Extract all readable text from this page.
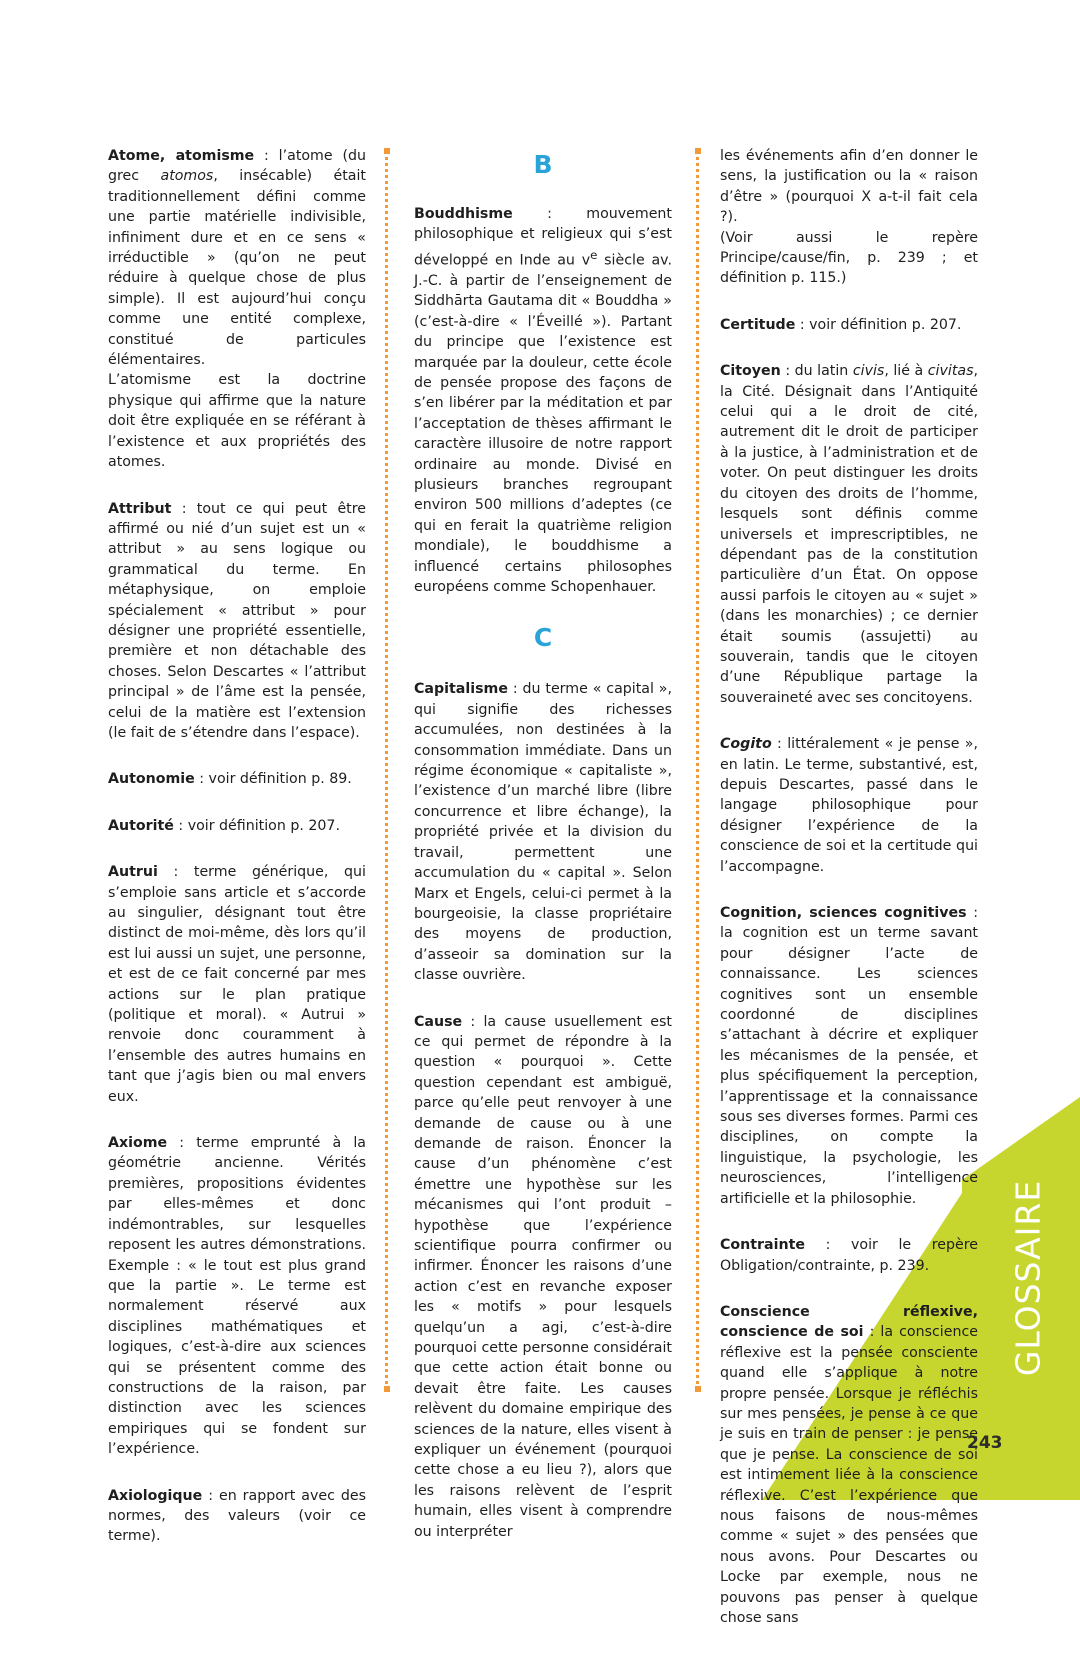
Atome, atomisme : l’atome (du grec atomos, insécable) était traditionnellement défini comme une partie matérielle indivisible, infiniment dure et en ce sens « irréductible » (qu’on ne peut réduire à quelque chose de plus simple). Il est aujourd’hui conçu comme une entité complexe, constitué de particules élémentaires.

L’atomisme est la doctrine physique qui affirme que la nature doit être expliquée en se référant à l’existence et aux propriétés des atomes.

Attribut : tout ce qui peut être affirmé ou nié d’un sujet est un « attribut » au sens logique ou grammatical du terme. En métaphysique, on emploie spécialement « attribut » pour désigner une propriété essentielle, première et non détachable des choses. Selon Descartes « l’attribut principal » de l’âme est la pensée, celui de la matière est l’extension (le fait de s’étendre dans l’espace).

Autonomie : voir définition p. 89.

Autorité : voir définition p. 207.

Autrui : terme générique, qui s’emploie sans article et s’accorde au singulier, désignant tout être distinct de moi-même, dès lors qu’il est lui aussi un sujet, une personne, et est de ce fait concerné par mes actions sur le plan pratique (politique et moral). « Autrui » renvoie donc couramment à l’ensemble des autres humains en tant que j’agis bien ou mal envers eux.

Axiome : terme emprunté à la géométrie ancienne. Vérités premières, propositions évidentes par elles-mêmes et donc indémontrables, sur lesquelles reposent les autres démonstrations. Exemple : « le tout est plus grand que la partie ». Le terme est normalement réservé aux disciplines mathématiques et logiques, c’est-à-dire aux sciences qui se présentent comme des constructions de la raison, par distinction avec les sciences empiriques qui se fondent sur l’expérience.

Axiologique : en rapport avec des normes, des valeurs (voir ce terme).

B

Bouddhisme : mouvement philosophique et religieux qui s’est développé en Inde au $v^e$ siècle av. J.-C. à partir de l’enseignement de Siddhārta Gautama dit « Bouddha » (c’est-à-dire « l’Éveillé »). Partant du principe que l’existence est marquée par la douleur, cette école de pensée propose des façons de s’en libérer par la méditation et par l’acceptation de thèses affirmant le caractère illusoire de notre rapport ordinaire au monde. Divisé en plusieurs branches regroupant environ 500 millions d’adeptes (ce qui en ferait la quatrième religion mondiale), le bouddhisme a influencé certains philosophes européens comme Schopenhauer.

C

Capitalisme : du terme « capital », qui signifie des richesses accumulées, non destinées à la consommation immédiate. Dans un régime économique « capitaliste », l’existence d’un marché libre (libre concurrence et libre échange), la propriété privée et la division du travail, permettent une accumulation du « capital ». Selon Marx et Engels, celui-ci permet à la bourgeoisie, la classe propriétaire des moyens de production, d’asseoir sa domination sur la classe ouvrière.

Cause : la cause usuellement est ce qui permet de répondre à la question « pourquoi ». Cette question cependant est ambiguë, parce qu’elle peut renvoyer à une demande de cause ou à une demande de raison. Énoncer la cause d’un phénomène c’est émettre une hypothèse sur les mécanismes qui l’ont produit – hypothèse que l’expérience scientifique pourra confirmer ou infirmer. Énoncer les raisons d’une action c’est en revanche exposer les « motifs » pour lesquels quelqu’un a agi, c’est-à-dire pourquoi cette personne considérait que cette action était bonne ou devait être faite. Les causes relèvent du domaine empirique des sciences de la nature, elles visent à expliquer un événement (pourquoi cette chose a eu lieu ?), alors que les raisons relèvent de l’esprit humain, elles visent à comprendre ou interpréter

les événements afin d’en donner le sens, la justification ou la « raison d’être » (pourquoi X a-t-il fait cela ?).

(Voir aussi le repère Principe/cause/fin, p. 239 ; et définition p. 115.)

Certitude : voir définition p. 207.

Citoyen : du latin civis, lié à civitas, la Cité. Désignait dans l’Antiquité celui qui a le droit de cité, autrement dit le droit de participer à la justice, à l’administration et de voter. On peut distinguer les droits du citoyen des droits de l’homme, lesquels sont définis comme universels et imprescriptibles, ne dépendant pas de la constitution particulière d’un État. On oppose aussi parfois le citoyen au « sujet » (dans les monarchies) ; ce dernier était soumis (assujetti) au souverain, tandis que le citoyen d’une République partage la souveraineté avec ses concitoyens.

Cogito : littéralement « je pense », en latin. Le terme, substantivé, est, depuis Descartes, passé dans le langage philosophique pour désigner l’expérience de la conscience de soi et la certitude qui l’accompagne.

Cognition, sciences cognitives : la cognition est un terme savant pour désigner l’acte de connaissance. Les sciences cognitives sont un ensemble coordonné de disciplines s’attachant à décrire et expliquer les mécanismes de la pensée, et plus spécifiquement la perception, l’apprentissage et la connaissance sous ses diverses formes. Parmi ces disciplines, on compte la linguistique, la psychologie, les neurosciences, l’intelligence artificielle et la philosophie.

Contrainte : voir le repère Obligation/contrainte, p. 239.

Conscience réflexive, conscience de soi : la conscience réflexive est la pensée consciente quand elle s’applique à notre propre pensée. Lorsque je réfléchis sur mes pensées, je pense à ce que je suis en train de penser : je pense que je pense. La conscience de soi est intimement liée à la conscience réflexive. C’est l’expérience que nous faisons de nous-mêmes comme « sujet » des pensées que nous avons. Pour Descartes ou Locke par exemple, nous ne pouvons pas penser à quelque chose sans

GLOSSAIRE
243
